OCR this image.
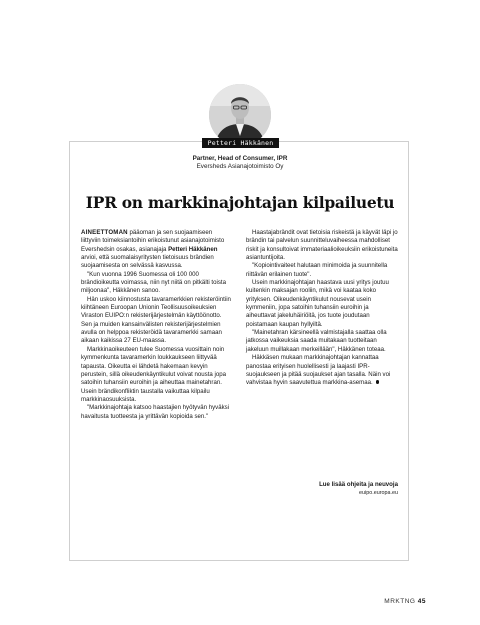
Petteri Häkkänen
Partner, Head of Consumer, IPR
Eversheds Asianajotoimisto Oy
IPR on markkinajohtajan kilpailuetu

AINEETTOMAN pääoman ja sen suojaamiseen liittyviin toimeksiantoihin erikoistunut asianajotoimisto Evershedsin osakas, asianajaja Petteri Häkkänen arvioi, että suomalaisyritysten tietoisuus brändien suojaamisesta on selvässä kasvussa.

"Kun vuonna 1996 Suomessa oli 100 000 brändioikeutta voimassa, niin nyt niitä on pitkälti toista miljoonaa", Häkkänen sanoo.

Hän uskoo kiinnostusta tavaramerkkien rekisteröintiin kiihtäneen Euroopan Unionin Teollisuusoikeuksien Viraston EUIPO:n rekisterijärjestelmän käyttöönotto. Sen ja muiden kansainvälisten rekisterijärjestelmien avulla on helppoa rekisteröidä tavaramerkki samaan aikaan kaikissa 27 EU-maassa.

Markkinaoikeuteen tulee Suomessa vuosittain noin kymmenkunta tavaramerkin loukkaukseen liittyvää tapausta. Oikeutta ei lähdetä hakemaan kevyin perustein, sillä oikeudenkäyntikulut voivat nousta jopa satoihin tuhansiin euroihin ja aiheuttaa mainetahran. Usein brändikonfliktin taustalla vaikuttaa kilpailu markkinaosuuksista.

"Markkinajohtaja katsoo haastajien hyötyvän hyväksi havaitusta tuotteesta ja yrittävän kopioida sen."

Haastajabrändit ovat tietoisia riskeistä ja käyvät läpi jo brändin tai palvelun suunnitteluvaiheessa mahdolliset riskit ja konsultoivat immateriaalioikeuksiin erikoistuneita asiantuntijoita.

"Kopiointivaiteet halutaan minimoida ja suunnitella riittävän erilainen tuote".

Usein markkinajohtajan haastava uusi yritys joutuu kuitenkin maksajan rooliin, mikä voi kaataa koko yrityksen. Oikeudenkäyntikulut nousevat usein kymmeniin, jopa satoihin tuhansiin euroihin ja aiheuttavat jakeluhäiriöitä, jos tuote joudutaan poistamaan kaupan hyllyiltä.

"Mainetahran kärsineellä valmistajalla saattaa olla jatkossa vaikeuksia saada muitakaan tuotteitaan jakeluun muillakaan merkeillään", Häkkänen toteaa.

Häkkäsen mukaan markkinajohtajan kannattaa panostaa erityisen huolellisesti ja laajasti IPR-suojaukseen ja pitää suojaukset ajan tasalla. Näin voi vahvistaa hyvin saavutettua markkina-asemaa.

Lue lisää ohjeita ja neuvoja
euipo.europa.eu
MRKTNG 45
